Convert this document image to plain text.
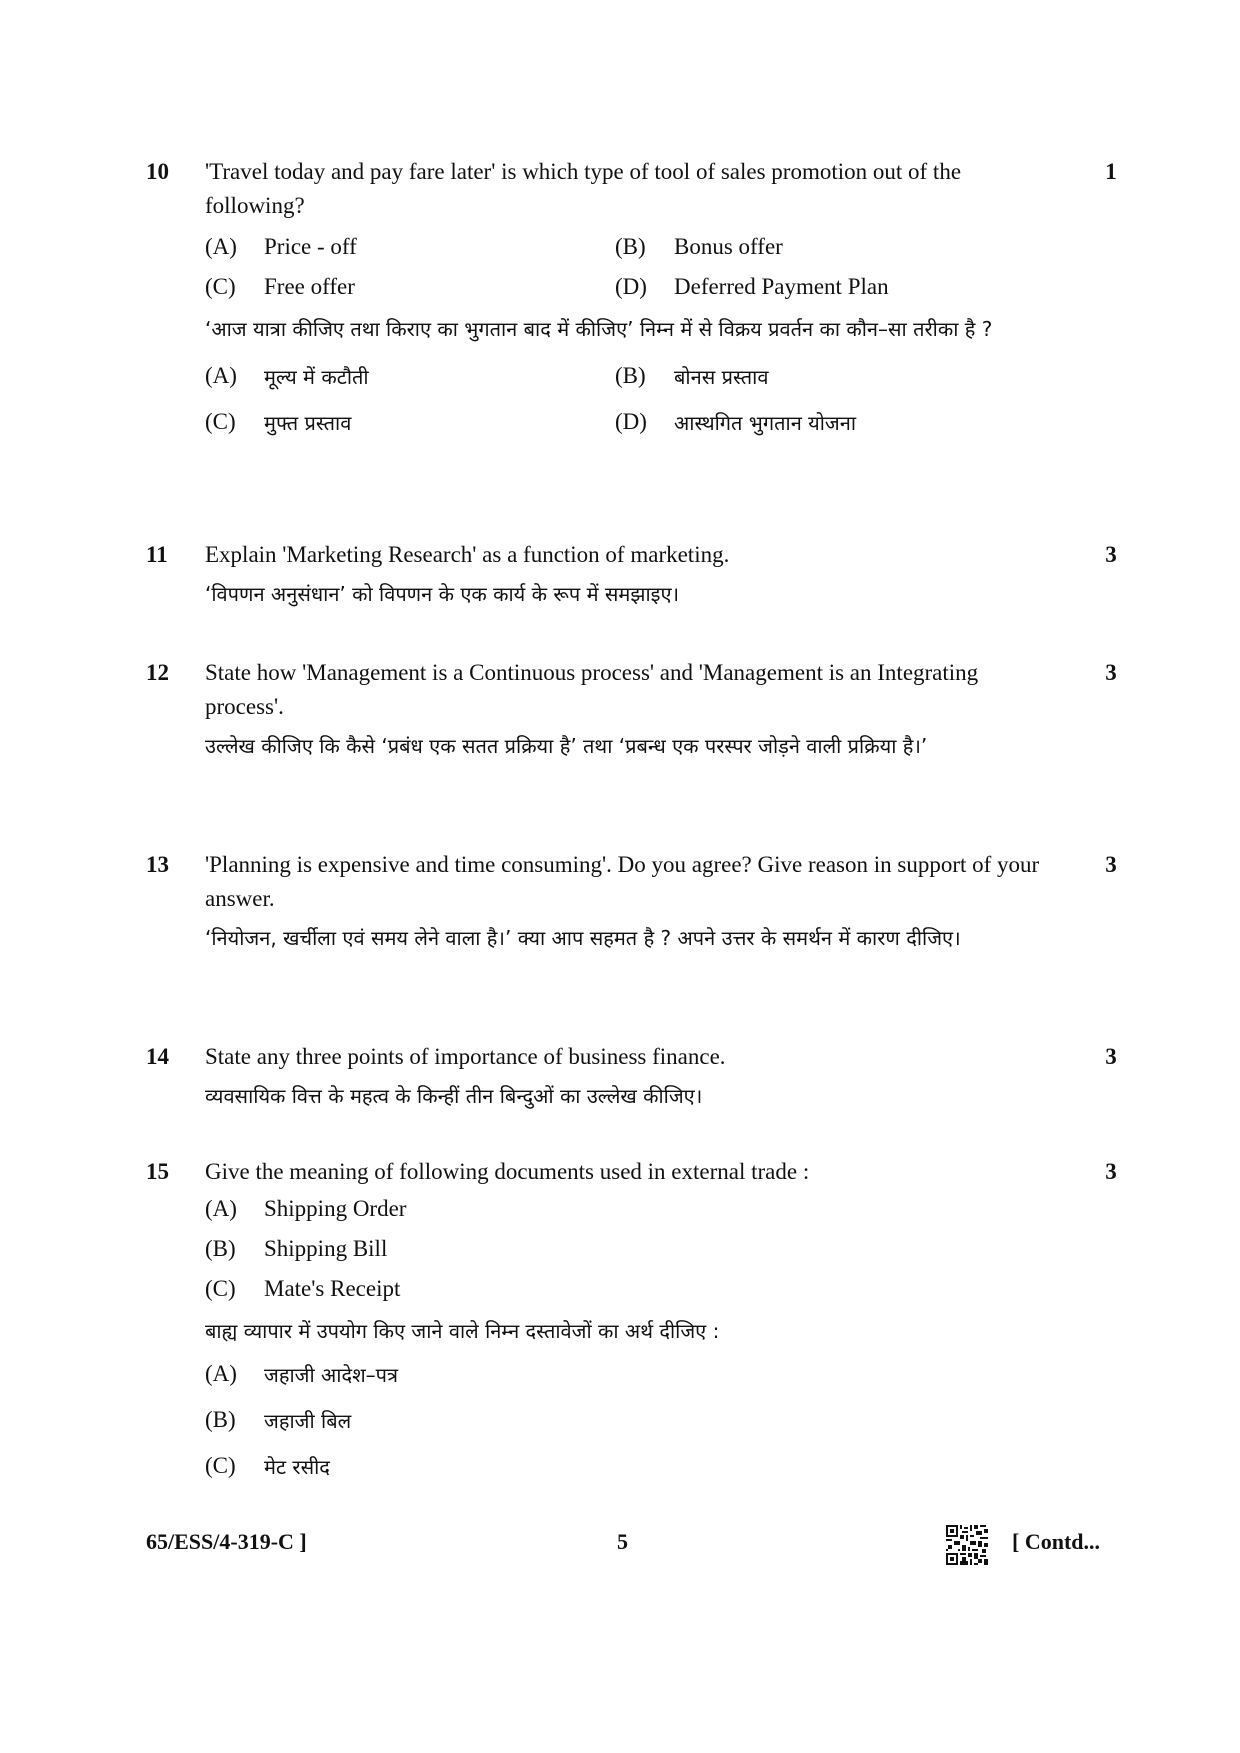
10	1

'Travel today and pay fare later' is which type of tool of sales promotion out of the following?

(A)	Price - off	(B)	Bonus offer
(C)	Free offer	(D)	Deferred Payment Plan

‘आज यात्रा कीजिए तथा किराए का भुगतान बाद में कीजिए’ निम्न में से विक्रय प्रवर्तन का कौन–सा तरीका है ?

(A)	मूल्य में कटौती	(B)	बोनस प्रस्ताव
(C)	मुफ्त प्रस्ताव	(D)	आस्थगित भुगतान योजना
11	3

Explain 'Marketing Research' as a function of marketing.

‘विपणन अनुसंधान’ को विपणन के एक कार्य के रूप में समझाइए।

12	3

State how 'Management is a Continuous process' and 'Management is an Integrating process'.

उल्लेख कीजिए कि कैसे ‘प्रबंध एक सतत प्रक्रिया है’ तथा ‘प्रबन्ध एक परस्पर जोड़ने वाली प्रक्रिया है।’

13	3

'Planning is expensive and time consuming'. Do you agree? Give reason in support of your answer.

‘नियोजन, खर्चीला एवं समय लेने वाला है।’ क्या आप सहमत है ? अपने उत्तर के समर्थन में कारण दीजिए।

14	3

State any three points of importance of business finance.

व्यवसायिक वित्त के महत्व के किन्हीं तीन बिन्दुओं का उल्लेख कीजिए।

15	3

Give the meaning of following documents used in external trade :

(A)	Shipping Order
(B)	Shipping Bill
(C)	Mate's Receipt

बाह्य व्यापार में उपयोग किए जाने वाले निम्न दस्तावेजों का अर्थ दीजिए :

(A)	जहाजी आदेश–पत्र
(B)	जहाजी बिल
(C)	मेट रसीद
65/ESS/4-319-C ]	5	[ Contd...
